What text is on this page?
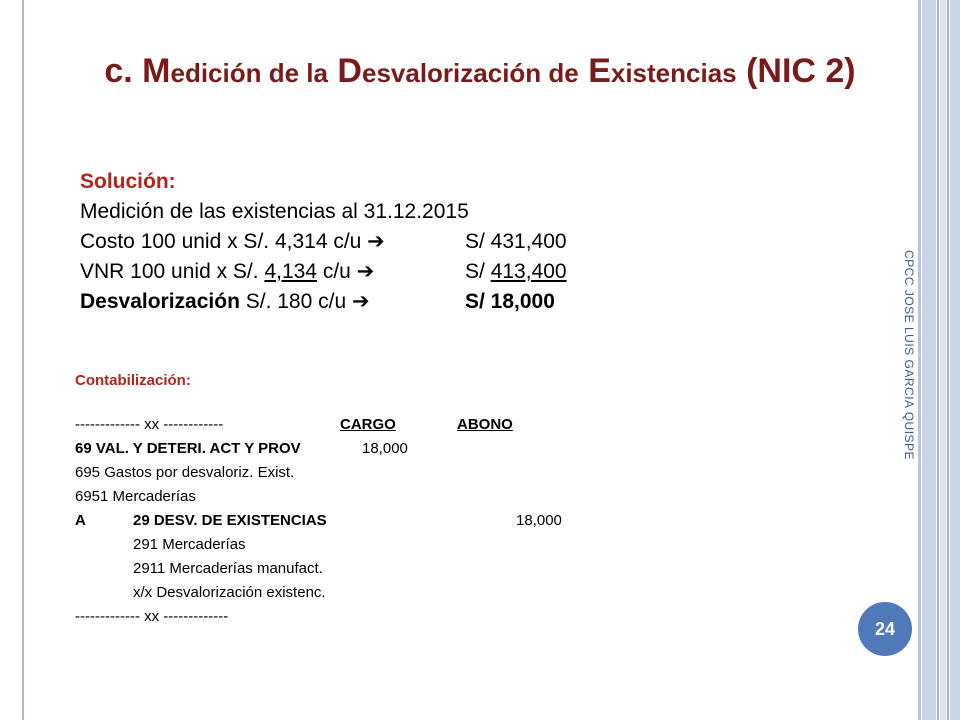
c. Medición de la Desvalorización de Existencias (NIC 2)
CPCC JOSE LUIS GARCIA QUISPE
Solución:
Medición de las existencias al 31.12.2015
Costo 100 unid x S/. 4,314 c/u ➔	S/ 431,400
VNR 100 unid x S/. 4,134 c/u ➔	S/ 413,400
Desvalorización S/. 180 c/u ➔	S/ 18,000
Contabilización:
------------- xx ------------	CARGO	ABONO
69 VAL. Y DETERI. ACT Y PROV	18,000
695 Gastos por desvaloriz. Exist.
6951 Mercaderías
A	29 DESV. DE EXISTENCIAS	18,000
291 Mercaderías
2911 Mercaderías manufact.
x/x Desvalorización existenc.
------------- xx -------------
24
